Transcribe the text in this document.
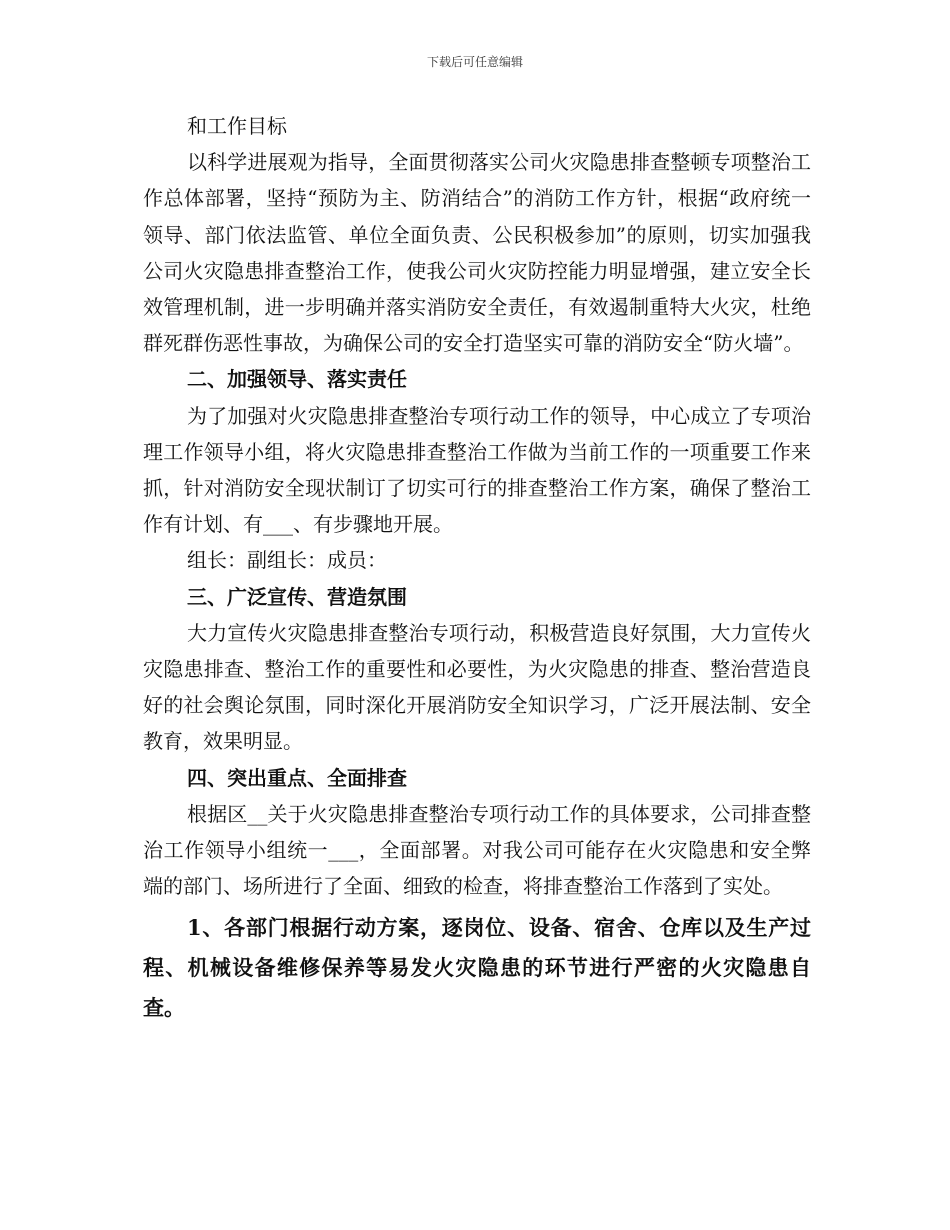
下载后可任意编辑

和工作目标

以科学进展观为指导，全面贯彻落实公司火灾隐患排查整顿专项整治工作总体部署，坚持“预防为主、防消结合”的消防工作方针，根据“政府统一领导、部门依法监管、单位全面负责、公民积极参加”的原则，切实加强我公司火灾隐患排查整治工作，使我公司火灾防控能力明显增强，建立安全长效管理机制，进一步明确并落实消防安全责任，有效遏制重特大火灾，杜绝群死群伤恶性事故，为确保公司的安全打造坚实可靠的消防安全“防火墙”。

二、加强领导、落实责任

为了加强对火灾隐患排查整治专项行动工作的领导，中心成立了专项治理工作领导小组，将火灾隐患排查整治工作做为当前工作的一项重要工作来抓，针对消防安全现状制订了切实可行的排查整治工作方案，确保了整治工作有计划、有___、有步骤地开展。

组长：副组长：成员：

三、广泛宣传、营造氛围

大力宣传火灾隐患排查整治专项行动，积极营造良好氛围，大力宣传火灾隐患排查、整治工作的重要性和必要性，为火灾隐患的排查、整治营造良好的社会舆论氛围，同时深化开展消防安全知识学习，广泛开展法制、安全教育，效果明显。

四、突出重点、全面排查

根据区__关于火灾隐患排查整治专项行动工作的具体要求，公司排查整治工作领导小组统一___，全面部署。对我公司可能存在火灾隐患和安全弊端的部门、场所进行了全面、细致的检查，将排查整治工作落到了实处。

1、各部门根据行动方案，逐岗位、设备、宿舍、仓库以及生产过程、机械设备维修保养等易发火灾隐患的环节进行严密的火灾隐患自查。
